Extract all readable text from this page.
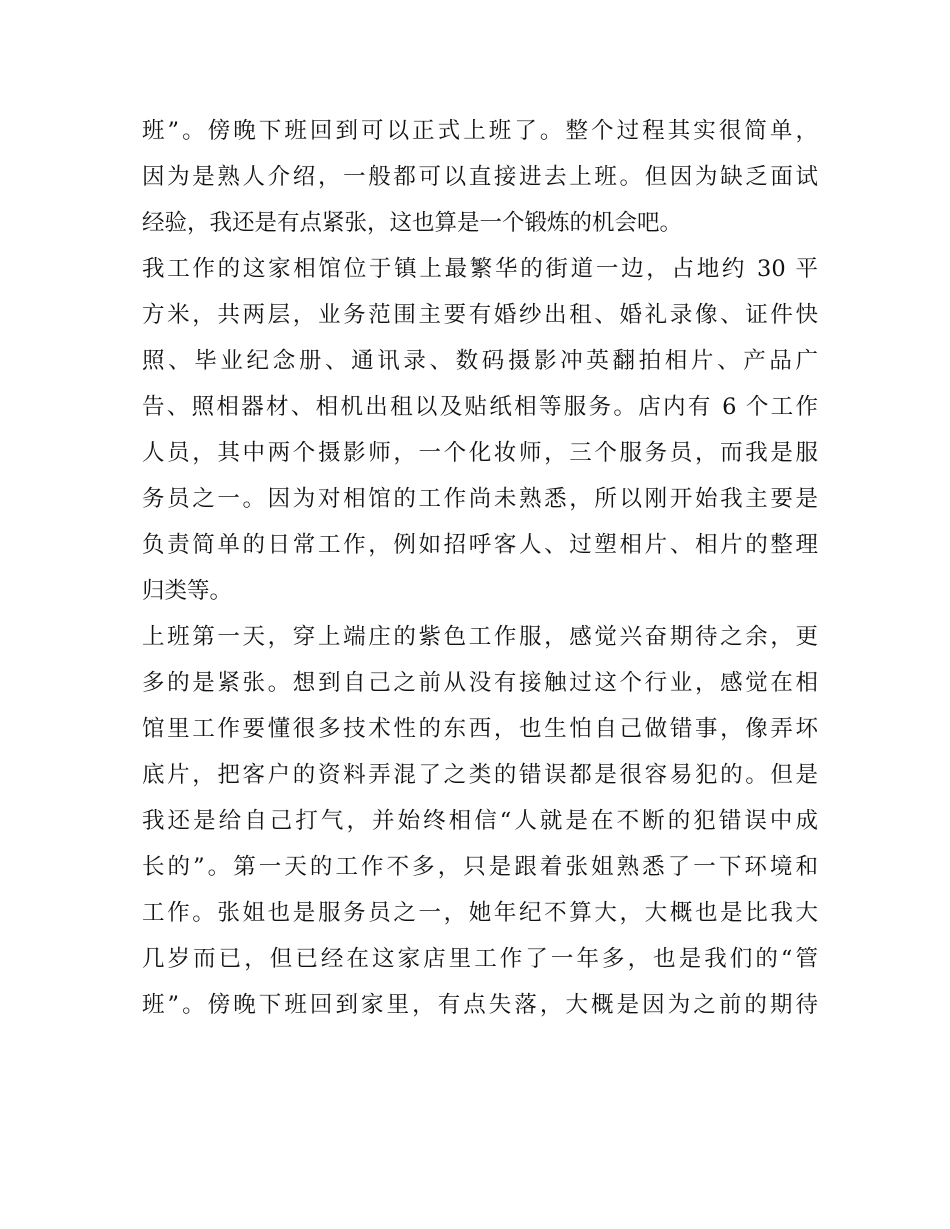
班”。傍晚下班回到可以正式上班了。整个过程其实很简单，
因为是熟人介绍，一般都可以直接进去上班。但因为缺乏面试
经验，我还是有点紧张，这也算是一个锻炼的机会吧。
我工作的这家相馆位于镇上最繁华的街道一边，占地约 30 平
方米，共两层，业务范围主要有婚纱出租、婚礼录像、证件快
照、毕业纪念册、通讯录、数码摄影冲英翻拍相片、产品广
告、照相器材、相机出租以及贴纸相等服务。店内有 6 个工作
人员，其中两个摄影师，一个化妆师，三个服务员，而我是服
务员之一。因为对相馆的工作尚未熟悉，所以刚开始我主要是
负责简单的日常工作，例如招呼客人、过塑相片、相片的整理
归类等。
上班第一天，穿上端庄的紫色工作服，感觉兴奋期待之余，更
多的是紧张。想到自己之前从没有接触过这个行业，感觉在相
馆里工作要懂很多技术性的东西，也生怕自己做错事，像弄坏
底片，把客户的资料弄混了之类的错误都是很容易犯的。但是
我还是给自己打气，并始终相信“人就是在不断的犯错误中成
长的”。第一天的工作不多，只是跟着张姐熟悉了一下环境和
工作。张姐也是服务员之一，她年纪不算大，大概也是比我大
几岁而已，但已经在这家店里工作了一年多，也是我们的“管
班”。傍晚下班回到家里，有点失落，大概是因为之前的期待
